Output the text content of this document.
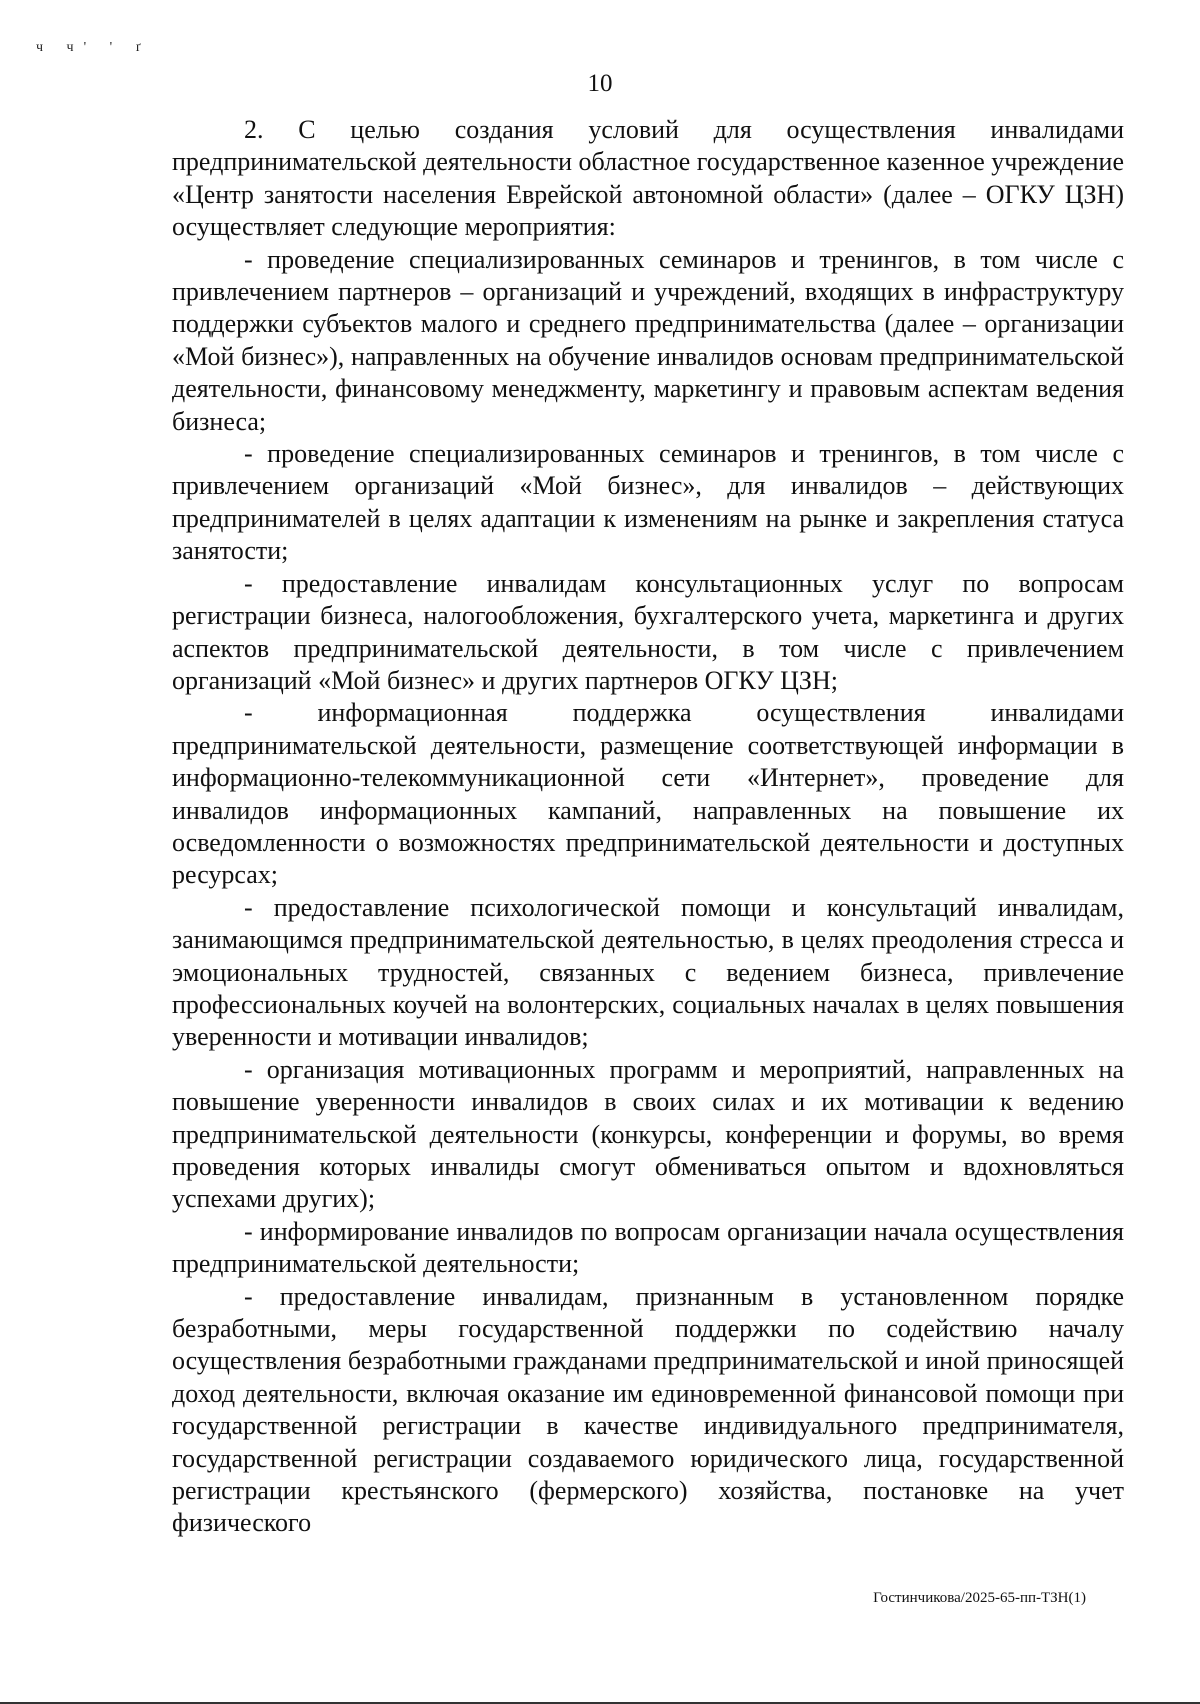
ч ч' ' ґ
10

2. С целью создания условий для осуществления инвалидами предпринимательской деятельности областное государственное казенное учреждение «Центр занятости населения Еврейской автономной области» (далее – ОГКУ ЦЗН) осуществляет следующие мероприятия:

- проведение специализированных семинаров и тренингов, в том числе с привлечением партнеров – организаций и учреждений, входящих в инфраструктуру поддержки субъектов малого и среднего предпринимательства (далее – организации «Мой бизнес»), направленных на обучение инвалидов основам предпринимательской деятельности, финансовому менеджменту, маркетингу и правовым аспектам ведения бизнеса;

- проведение специализированных семинаров и тренингов, в том числе с привлечением организаций «Мой бизнес», для инвалидов – действующих предпринимателей в целях адаптации к изменениям на рынке и закрепления статуса занятости;

- предоставление инвалидам консультационных услуг по вопросам регистрации бизнеса, налогообложения, бухгалтерского учета, маркетинга и других аспектов предпринимательской деятельности, в том числе с привлечением организаций «Мой бизнес» и других партнеров ОГКУ ЦЗН;

- информационная поддержка осуществления инвалидами предпринимательской деятельности, размещение соответствующей информации в информационно-телекоммуникационной сети «Интернет», проведение для инвалидов информационных кампаний, направленных на повышение их осведомленности о возможностях предпринимательской деятельности и доступных ресурсах;

- предоставление психологической помощи и консультаций инвалидам, занимающимся предпринимательской деятельностью, в целях преодоления стресса и эмоциональных трудностей, связанных с ведением бизнеса, привлечение профессиональных коучей на волонтерских, социальных началах в целях повышения уверенности и мотивации инвалидов;

- организация мотивационных программ и мероприятий, направленных на повышение уверенности инвалидов в своих силах и их мотивации к ведению предпринимательской деятельности (конкурсы, конференции и форумы, во время проведения которых инвалиды смогут обмениваться опытом и вдохновляться успехами других);

- информирование инвалидов по вопросам организации начала осуществления предпринимательской деятельности;

- предоставление инвалидам, признанным в установленном порядке безработными, меры государственной поддержки по содействию началу осуществления безработными гражданами предпринимательской и иной приносящей доход деятельности, включая оказание им единовременной финансовой помощи при государственной регистрации в качестве индивидуального предпринимателя, государственной регистрации создаваемого юридического лица, государственной регистрации крестьянского (фермерского) хозяйства, постановке на учет физического

Гостинчикова/2025-65-пп-ТЗН(1)
